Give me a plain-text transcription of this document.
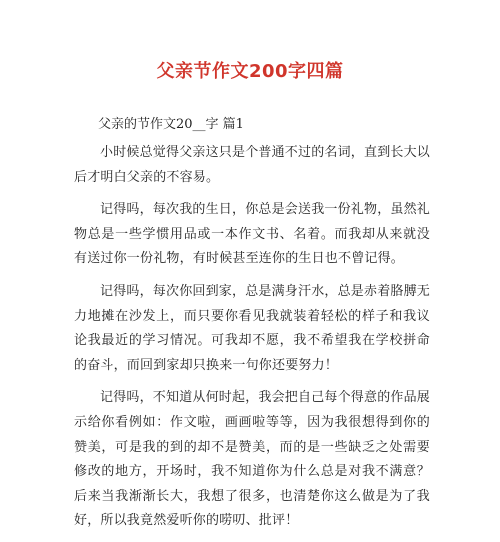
父亲节作文200字四篇
父亲的节作文20__字 篇1

小时候总觉得父亲这只是个普通不过的名词，直到长大以后才明白父亲的不容易。

记得吗，每次我的生日，你总是会送我一份礼物，虽然礼物总是一些学惯用品或一本作文书、名着。而我却从来就没有送过你一份礼物，有时候甚至连你的生日也不曾记得。

记得吗，每次你回到家，总是满身汗水，总是赤着胳膊无力地摊在沙发上，而只要你看见我就装着轻松的样子和我议论我最近的学习情况。可我却不愿，我不希望我在学校拼命的奋斗，而回到家却只换来一句你还要努力！

记得吗，不知道从何时起，我会把自己每个得意的作品展示给你看例如：作文啦，画画啦等等，因为我很想得到你的赞美，可是我的到的却不是赞美，而的是一些缺乏之处需要修改的地方，开场时，我不知道你为什么总是对我不满意？后来当我渐渐长大，我想了很多，也清楚你这么做是为了我好，所以我竟然爱听你的唠叨、批评！
